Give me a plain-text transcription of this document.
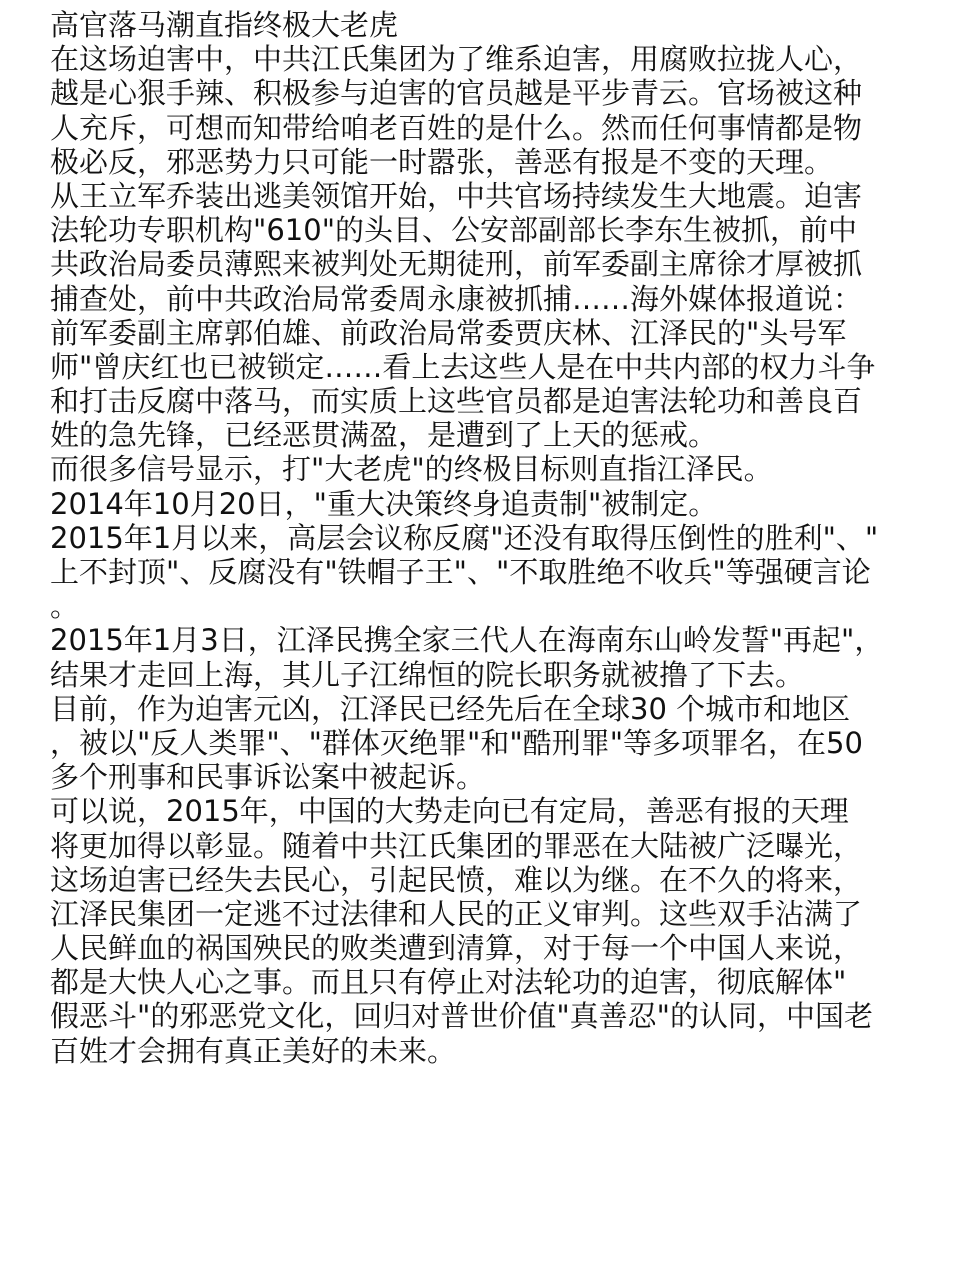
高官落马潮直指终极大老虎
在这场迫害中，中共江氏集团为了维系迫害，用腐败拉拢人心，
越是心狠手辣、积极参与迫害的官员越是平步青云。官场被这种
人充斥，可想而知带给咱老百姓的是什么。然而任何事情都是物
极必反，邪恶势力只可能一时嚣张，善恶有报是不变的天理。
从王立军乔装出逃美领馆开始，中共官场持续发生大地震。迫害
法轮功专职机构"610"的头目、公安部副部长李东生被抓，前中
共政治局委员薄熙来被判处无期徒刑，前军委副主席徐才厚被抓
捕查处，前中共政治局常委周永康被抓捕……海外媒体报道说：
前军委副主席郭伯雄、前政治局常委贾庆林、江泽民的"头号军
师"曾庆红也已被锁定……看上去这些人是在中共内部的权力斗争
和打击反腐中落马，而实质上这些官员都是迫害法轮功和善良百
姓的急先锋，已经恶贯满盈，是遭到了上天的惩戒。
而很多信号显示，打"大老虎"的终极目标则直指江泽民。
2014年10月20日，"重大决策终身追责制"被制定。
2015年1月以来，高层会议称反腐"还没有取得压倒性的胜利"、"
上不封顶"、反腐没有"铁帽子王"、"不取胜绝不收兵"等强硬言论
。
2015年1月3日，江泽民携全家三代人在海南东山岭发誓"再起"，
结果才走回上海，其儿子江绵恒的院长职务就被撸了下去。
目前，作为迫害元凶，江泽民已经先后在全球30 个城市和地区
，被以"反人类罪"、"群体灭绝罪"和"酷刑罪"等多项罪名，在50
多个刑事和民事诉讼案中被起诉。
可以说，2015年，中国的大势走向已有定局，善恶有报的天理
将更加得以彰显。随着中共江氏集团的罪恶在大陆被广泛曝光，
这场迫害已经失去民心，引起民愤，难以为继。在不久的将来，
江泽民集团一定逃不过法律和人民的正义审判。这些双手沾满了
人民鲜血的祸国殃民的败类遭到清算，对于每一个中国人来说，
都是大快人心之事。而且只有停止对法轮功的迫害，彻底解体"
假恶斗"的邪恶党文化，回归对普世价值"真善忍"的认同，中国老
百姓才会拥有真正美好的未来。
